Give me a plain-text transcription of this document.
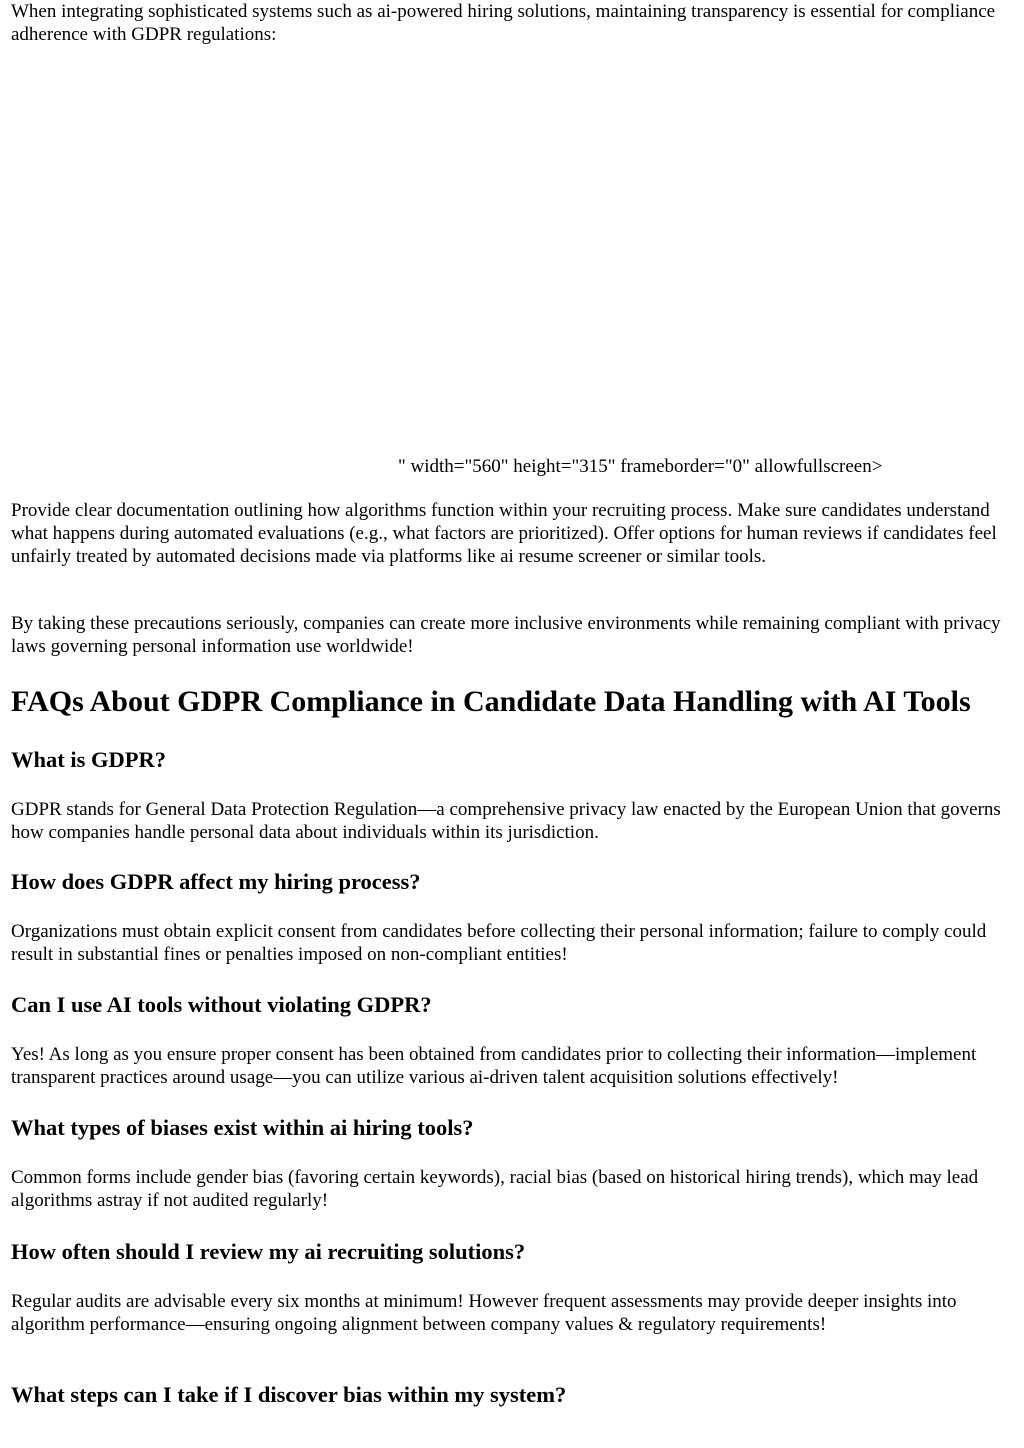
When integrating sophisticated systems such as ai-powered hiring solutions, maintaining transparency is essential for compliance adherence with GDPR regulations:

" width="560" height="315" frameborder="0" allowfullscreen>

Provide clear documentation outlining how algorithms function within your recruiting process. Make sure candidates understand what happens during automated evaluations (e.g., what factors are prioritized). Offer options for human reviews if candidates feel unfairly treated by automated decisions made via platforms like ai resume screener or similar tools.

By taking these precautions seriously, companies can create more inclusive environments while remaining compliant with privacy laws governing personal information use worldwide!

FAQs About GDPR Compliance in Candidate Data Handling with AI Tools
What is GDPR?

GDPR stands for General Data Protection Regulation—a comprehensive privacy law enacted by the European Union that governs how companies handle personal data about individuals within its jurisdiction.

How does GDPR affect my hiring process?

Organizations must obtain explicit consent from candidates before collecting their personal information; failure to comply could result in substantial fines or penalties imposed on non-compliant entities!

Can I use AI tools without violating GDPR?

Yes! As long as you ensure proper consent has been obtained from candidates prior to collecting their information—implement transparent practices around usage—you can utilize various ai-driven talent acquisition solutions effectively!

What types of biases exist within ai hiring tools?

Common forms include gender bias (favoring certain keywords), racial bias (based on historical hiring trends), which may lead algorithms astray if not audited regularly!

How often should I review my ai recruiting solutions?

Regular audits are advisable every six months at minimum! However frequent assessments may provide deeper insights into algorithm performance—ensuring ongoing alignment between company values & regulatory requirements!

What steps can I take if I discover bias within my system?
